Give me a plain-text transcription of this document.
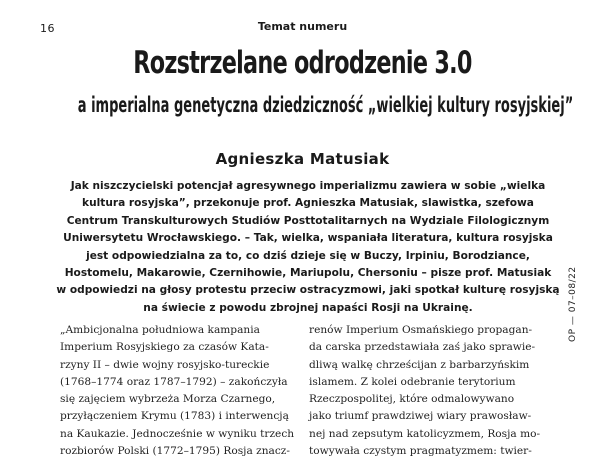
16	Temat numeru
Rozstrzelane odrodzenie 3.0
a imperialna genetyczna dziedziczność „wielkiej kultury rosyjskiej”
Agnieszka Matusiak

Jak niszczycielski potencjał agresywnego imperializmu zawiera w sobie „wielka
kultura rosyjska”, przekonuje prof. Agnieszka Matusiak, slawistka, szefowa
Centrum Transkulturowych Studiów Posttotalitarnych na Wydziale Filologicznym
Uniwersytetu Wrocławskiego. – Tak, wielka, wspaniała literatura, kultura rosyjska
jest odpowiedzialna za to, co dziś dzieje się w Buczy, Irpiniu, Borodziance,
Hostomelu, Makarowie, Czernihowie, Mariupolu, Chersoniu – pisze prof. Matusiak
w odpowiedzi na głosy protestu przeciw ostracyzmowi, jaki spotkał kulturę rosyjską
na świecie z powodu zbrojnej napaści Rosji na Ukrainę.

„Ambicjonalna południowa kampania
Imperium Rosyjskiego za czasów Kata-
rzyny II – dwie wojny rosyjsko-tureckie
(1768–1774 oraz 1787–1792) – zakończyła
się zajęciem wybrzeża Morza Czarnego,
przyłączeniem Krymu (1783) i interwencją
na Kaukazie. Jednocześnie w wyniku trzech
rozbiorów Polski (1772–1795) Rosja znacz-

renów Imperium Osmańskiego propagan-
da carska przedstawiała zaś jako sprawie-
dliwą walkę chrześcijan z barbarzyńskim
islamem. Z kolei odebranie terytorium
Rzeczpospolitej, które odmalowywano
jako triumf prawdziwej wiary prawosław-
nej nad zepsutym katolicyzmem, Rosja mo-
towywała czystym pragmatyzmem: twier-

OP — 07–08/22
